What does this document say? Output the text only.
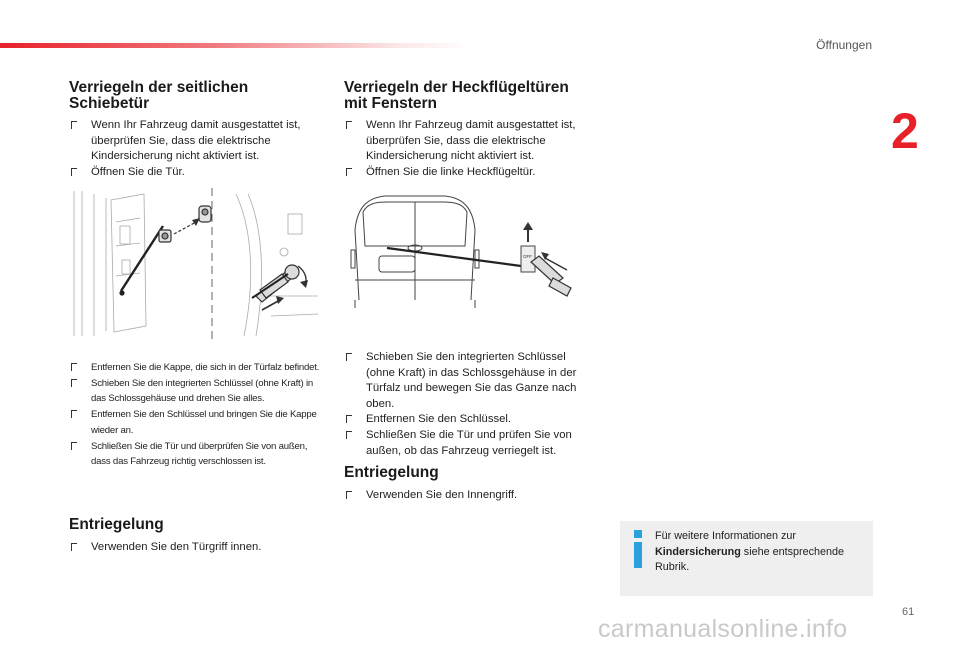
Öffnungen
2
Verriegeln der seitlichen Schiebetür
Wenn Ihr Fahrzeug damit ausgestattet ist, überprüfen Sie, dass die elektrische Kindersicherung nicht aktiviert ist.
Öffnen Sie die Tür.
Entfernen Sie die Kappe, die sich in der Türfalz befindet.
Schieben Sie den integrierten Schlüssel (ohne Kraft) in das Schlossgehäuse und drehen Sie alles.
Entfernen Sie den Schlüssel und bringen Sie die Kappe wieder an.
Schließen Sie die Tür und überprüfen Sie von außen, dass das Fahrzeug richtig verschlossen ist.
Entriegelung
Verwenden Sie den Türgriff innen.
Verriegeln der Heckflügeltüren mit Fenstern
Wenn Ihr Fahrzeug damit ausgestattet ist, überprüfen Sie, dass die elektrische Kindersicherung nicht aktiviert ist.
Öffnen Sie die linke Heckflügeltür.
OFF
Schieben Sie den integrierten Schlüssel (ohne Kraft) in das Schlossgehäuse in der Türfalz und bewegen Sie das Ganze nach oben.
Entfernen Sie den Schlüssel.
Schließen Sie die Tür und prüfen Sie von außen, ob das Fahrzeug verriegelt ist.
Entriegelung
Verwenden Sie den Innengriff.
Für weitere Informationen zur Kindersicherung siehe entsprechende Rubrik.
61
carmanualsonline.info
